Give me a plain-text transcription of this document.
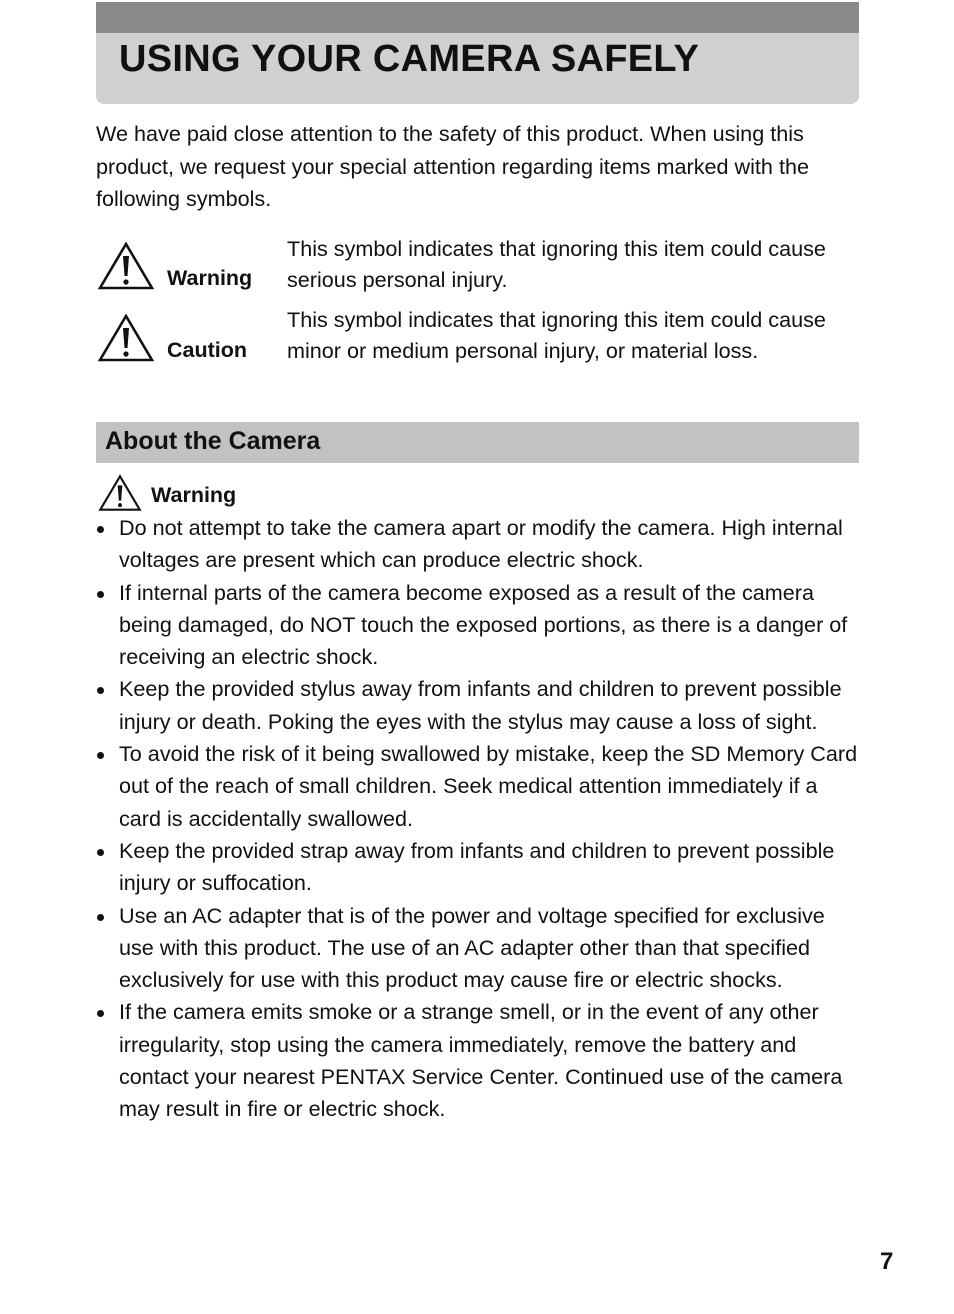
USING YOUR CAMERA SAFELY

We have paid close attention to the safety of this product. When using this product, we request your special attention regarding items marked with the following symbols.

Warning

This symbol indicates that ignoring this item could cause serious personal injury.

Caution

This symbol indicates that ignoring this item could cause minor or medium personal injury, or material loss.

About the Camera
Warning
Do not attempt to take the camera apart or modify the camera. High internal voltages are present which can produce electric shock.
If internal parts of the camera become exposed as a result of the camera being damaged, do NOT touch the exposed portions, as there is a danger of receiving an electric shock.
Keep the provided stylus away from infants and children to prevent possible injury or death. Poking the eyes with the stylus may cause a loss of sight.
To avoid the risk of it being swallowed by mistake, keep the SD Memory Card out of the reach of small children. Seek medical attention immediately if a card is accidentally swallowed.
Keep the provided strap away from infants and children to prevent possible injury or suffocation.
Use an AC adapter that is of the power and voltage specified for exclusive use with this product. The use of an AC adapter other than that specified exclusively for use with this product may cause fire or electric shocks.
If the camera emits smoke or a strange smell, or in the event of any other irregularity, stop using the camera immediately, remove the battery and contact your nearest PENTAX Service Center. Continued use of the camera may result in fire or electric shock.
7
